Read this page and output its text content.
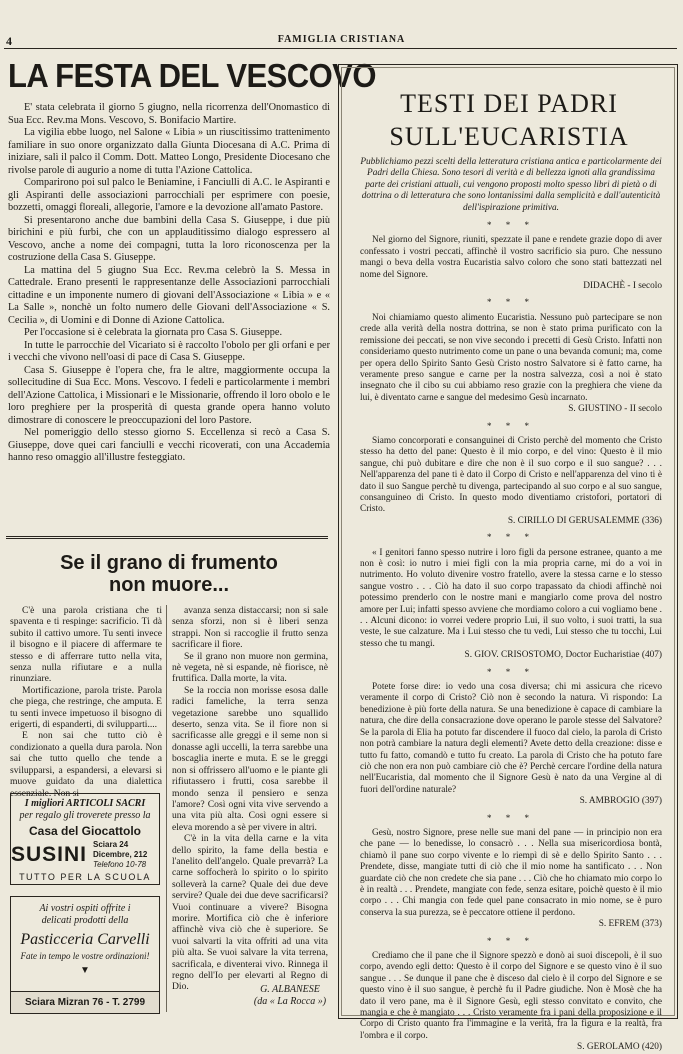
4	FAMIGLIA CRISTIANA
LA FESTA DEL VESCOVO

E' stata celebrata il giorno 5 giugno, nella ricorrenza dell'Onomastico di Sua Ecc. Rev.ma Mons. Vescovo, S. Bonifacio Martire.

La vigilia ebbe luogo, nel Salone « Libia » un riuscitissimo trattenimento familiare in suo onore organizzato dalla Giunta Diocesana di A.C. Prima di iniziare, salì il palco il Comm. Dott. Matteo Longo, Presidente Diocesano che rivolse parole di augurio a nome di tutta l'Azione Cattolica.

Comparirono poi sul palco le Beniamine, i Fanciulli di A.C. le Aspiranti e gli Aspiranti delle associazioni parrocchiali per esprimere con poesie, bozzetti, omaggi floreali, allegorie, l'amore e la devozione all'amato Pastore.

Si presentarono anche due bambini della Casa S. Giuseppe, i due più birichini e più furbi, che con un applauditissimo dialogo espressero al Vescovo, anche a nome dei compagni, tutta la loro riconoscenza per la costruzione della Casa S. Giuseppe.

La mattina del 5 giugno Sua Ecc. Rev.ma celebrò la S. Messa in Cattedrale. Erano presenti le rappresentanze delle Associazioni parrocchiali cittadine e un imponente numero di giovani dell'Associazione « Libia » e « La Salle », nonchè un folto numero delle Giovani dell'Associazione « S. Cecilia », di Uomini e di Donne di Azione Cattolica.

Per l'occasione si è celebrata la giornata pro Casa S. Giuseppe.

In tutte le parrocchie del Vicariato si è raccolto l'obolo per gli orfani e per i vecchi che vivono nell'oasi di pace di Casa S. Giuseppe.

Casa S. Giuseppe è l'opera che, fra le altre, maggiormente occupa la sollecitudine di Sua Ecc. Mons. Vescovo. I fedeli e particolarmente i membri dell'Azione Cattolica, i Missionari e le Missionarie, offrendo il loro obolo e le loro preghiere per la prosperità di questa grande opera hanno voluto dimostrare di conoscere le preoccupazioni del loro Pastore.

Nel pomeriggio dello stesso giorno S. Eccellenza si recò a Casa S. Giuseppe, dove quei cari fanciulli e vecchi ricoverati, con una Accademia hanno reso omaggio all'illustre festeggiato.

Se il grano di frumento
non muore...

C'è una parola cristiana che ti spaventa e ti respinge: sacrificio. Ti dà subito il cattivo umore. Tu senti invece il bisogno e il piacere di affermare te stesso e di afferrare tutto nella vita, senza nulla rifiutare e a nulla rinunziare.

Mortificazione, parola triste. Parola che piega, che restringe, che amputa. E tu senti invece impetuoso il bisogno di erigerti, di espanderti, di svilupparti....

E non sai che tutto ciò è condizionato a quella dura parola. Non sai che tutto quello che tende a svilupparsi, a espandersi, a elevarsi si muove guidato da una dialettica essenziale. Non si

avanza senza distaccarsi; non si sale senza sforzi, non si è liberi senza strappi. Non si raccoglie il frutto senza sacrificare il fiore.

Se il grano non muore non germina, nè vegeta, nè si espande, nè fiorisce, nè fruttifica. Dalla morte, la vita.

Se la roccia non morisse esosa dalle radici fameliche, la terra senza vegetazione sarebbe uno squallido deserto, senza vita. Se il fiore non si sacrificasse alle greggi e il seme non si donasse agli uccelli, la terra sarebbe una boscaglia inerte e muta. E se le greggi non si offrissero all'uomo e le piante gli rifiutassero i frutti, cosa sarebbe il mondo senza il pensiero e senza l'amore? Così ogni vita vive servendo a una vita più alta. Così ogni essere si eleva morendo a sè per vivere in altri.

C'è in la vita della carne e la vita dello spirito, la fame della bestia e l'anelito dell'angelo. Quale prevarrà? La carne soffocherà lo spirito o lo spirito solleverà la carne? Quale dei due deve servire? Quale dei due deve sacrificarsi? Vuoi continuare a vivere? Bisogna morire. Mortifica ciò che è inferiore affinchè viva ciò che è superiore. Se vuoi salvarti la vita offriti ad una vita più alta. Se vuoi salvare la vita terrena, sacrificala, e diventerai vivo. Rinnega il regno dell'Io per elevarti al Regno di Dio.

I migliori ARTICOLI SACRI
per regalo gli troverete presso la
Casa del Giocattolo
SUSINI Sciara 24 Dicembre, 212
Telefono 10-78
TUTTO PER LA SCUOLA
Ai vostri ospiti offrite i
delicati prodotti della
Pasticceria Carvelli
Fate in tempo le vostre ordinazioni!
▼
Sciara Mizran 76 - T. 2799
G. ALBANESE
(da « La Rocca »)
TESTI DEI PADRI
SULL'EUCARISTIA
Pubblichiamo pezzi scelti della letteratura cristiana antica e particolarmente dei Padri della Chiesa. Sono tesori di verità e di bellezza ignoti alla grandissima parte dei cristiani attuali, cui vengono proposti molto spesso libri di pietà o di dottrina o di letteratura che sono lontanissimi dalla semplicità e dall'autenticità dell'ispirazione primitiva.
* * *

Nel giorno del Signore, riuniti, spezzate il pane e rendete grazie dopo di aver confessato i vostri peccati, affinchè il vostro sacrificio sia puro. Che nessuno mangi o beva della vostra Eucaristia salvo coloro che sono stati battezzati nel nome del Signore.

DIDACHÈ - I secolo
* * *

Noi chiamiamo questo alimento Eucaristia. Nessuno può partecipare se non crede alla verità della nostra dottrina, se non è stato prima purificato con la remissione dei peccati, se non vive secondo i precetti di Gesù Cristo. Infatti non consideriamo questo nutrimento come un pane o una bevanda comuni; ma, come per opera dello Spirito Santo Gesù Cristo nostro Salvatore si è fatto carne, ha veramente preso sangue e carne per la nostra salvezza, così a noi è stato insegnato che il cibo su cui abbiamo reso grazie con la preghiera che viene da lui, è diventato carne e sangue del medesimo Gesù incarnato.

S. GIUSTINO - II secolo
* * *

Siamo concorporati e consanguinei di Cristo perchè del momento che Cristo stesso ha detto del pane: Questo è il mio corpo, e del vino: Questo è il mio sangue, chi può dubitare e dire che non è il suo corpo e il suo sangue? . . . Nell'apparenza del pane ti è dato il Corpo di Cristo e nell'apparenza del vino ti è dato il suo Sangue perchè tu divenga, partecipando al suo corpo e al suo sangue, consanguineo di Cristo. In questo modo diventiamo cristofori, portatori di Cristo.

S. CIRILLO DI GERUSALEMME (336)
* * *

« I genitori fanno spesso nutrire i loro figli da persone estranee, quanto a me non è così: io nutro i miei figli con la mia propria carne, mi do a voi in nutrimento. Ho voluto divenire vostro fratello, avere la stessa carne e lo stesso sangue vostro . . . Ciò ha dato il suo corpo trapassato da chiodi affinchè noi potessimo prenderlo con le nostre mani e mangiarlo come prova del nostro amore per Lui; infatti spesso avviene che mordiamo coloro a cui vogliamo bene . . . Alcuni dicono: io vorrei vedere proprio Lui, il suo volto, i suoi tratti, la sua veste, le sue calzature. Ma i Lui stesso che tu vedi, Lui stesso che tu tocchi, Lui stesso che tu mangi.

S. GIOV. CRISOSTOMO, Doctor Eucharistiae (407)
* * *

Potete forse dire: io vedo una cosa diversa; chi mi assicura che ricevo veramente il corpo di Cristo? Ciò non è secondo la natura. Vi rispondo: La benedizione è più forte della natura. Se una benedizione è capace di cambiare la natura, che dire della consacrazione dove operano le parole stesse del Salvatore? Se la parola di Elia ha potuto far discendere il fuoco dal cielo, la parola di Cristo non potrà cambiare la natura degli elementi? Avete detto della creazione: disse e tutto fu fatto, comandò e tutto fu creato. La parola di Cristo che ha potuto fare ciò che non era non può cambiare ciò che è? Perchè cercare l'ordine della natura nell'Eucaristia, dal momento che il Signore Gesù è nato da una Vergine al di fuori dell'ordine naturale?

S. AMBROGIO (397)
* * *

Gesù, nostro Signore, prese nelle sue mani del pane — in principio non era che pane — lo benedisse, lo consacrò . . . Nella sua misericordiosa bontà, chiamò il pane suo corpo vivente e lo riempì di sè e dello Spirito Santo . . . Prendete, disse, mangiate tutti di ciò che il mio nome ha santificato . . . Non guardate ciò che non credete che sia pane . . . Ciò che ho chiamato mio corpo lo è in realtà . . . Prendete, mangiate con fede, senza esitare, poichè questo è il mio corpo . . . Chi mangia con fede quel pane consacrato in mio nome, se è puro conserva la sua purezza, se è peccatore ottiene il perdono.

S. EFREM (373)
* * *

Crediamo che il pane che il Signore spezzò e donò ai suoi discepoli, è il suo corpo, avendo egli detto: Questo è il corpo del Signore e se questo vino è il suo sangue . . . Se dunque il pane che è disceso dal cielo è il corpo del Signore e se questo vino è il suo sangue, è perchè fu il Padre giudiche. Non è Mosè che ha dato il vero pane, ma è il Signore Gesù, egli stesso convitato e convito, che mangia e che è mangiato . . . Cristo veramente fra i pani della proposizione e il Corpo di Cristo quanto fra l'immagine e la verità, fra la figura e la realtà, fra l'ombra e il corpo.

S. GEROLAMO (420)
